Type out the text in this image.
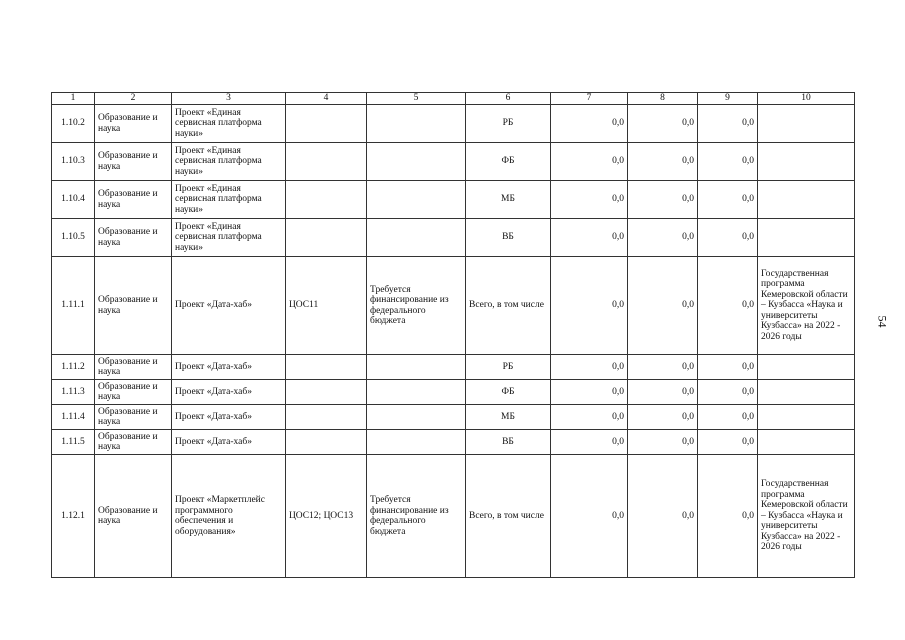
54
1	2	3	4	5	6	7	8	9	10
1.10.2	Образование и наука	Проект «Единая сервисная платформа науки»			РБ	0,0	0,0	0,0	
1.10.3	Образование и наука	Проект «Единая сервисная платформа науки»			ФБ	0,0	0,0	0,0	
1.10.4	Образование и наука	Проект «Единая сервисная платформа науки»			МБ	0,0	0,0	0,0	
1.10.5	Образование и наука	Проект «Единая сервисная платформа науки»			ВБ	0,0	0,0	0,0	
1.11.1	Образование и наука	Проект «Дата-хаб»	ЦОС11	Требуется финансирование из федерального бюджета	Всего, в том числе	0,0	0,0	0,0	Государственная программа Кемеровской области – Кузбасса «Наука и университеты Кузбасса» на 2022 - 2026 годы
1.11.2	Образование и наука	Проект «Дата-хаб»			РБ	0,0	0,0	0,0	
1.11.3	Образование и наука	Проект «Дата-хаб»			ФБ	0,0	0,0	0,0	
1.11.4	Образование и наука	Проект «Дата-хаб»			МБ	0,0	0,0	0,0	
1.11.5	Образование и наука	Проект «Дата-хаб»			ВБ	0,0	0,0	0,0	
1.12.1	Образование и наука	Проект «Маркетплейс программного обеспечения и оборудования»	ЦОС12; ЦОС13	Требуется финансирование из федерального бюджета	Всего, в том числе	0,0	0,0	0,0	Государственная программа Кемеровской области – Кузбасса «Наука и университеты Кузбасса» на 2022 - 2026 годы
